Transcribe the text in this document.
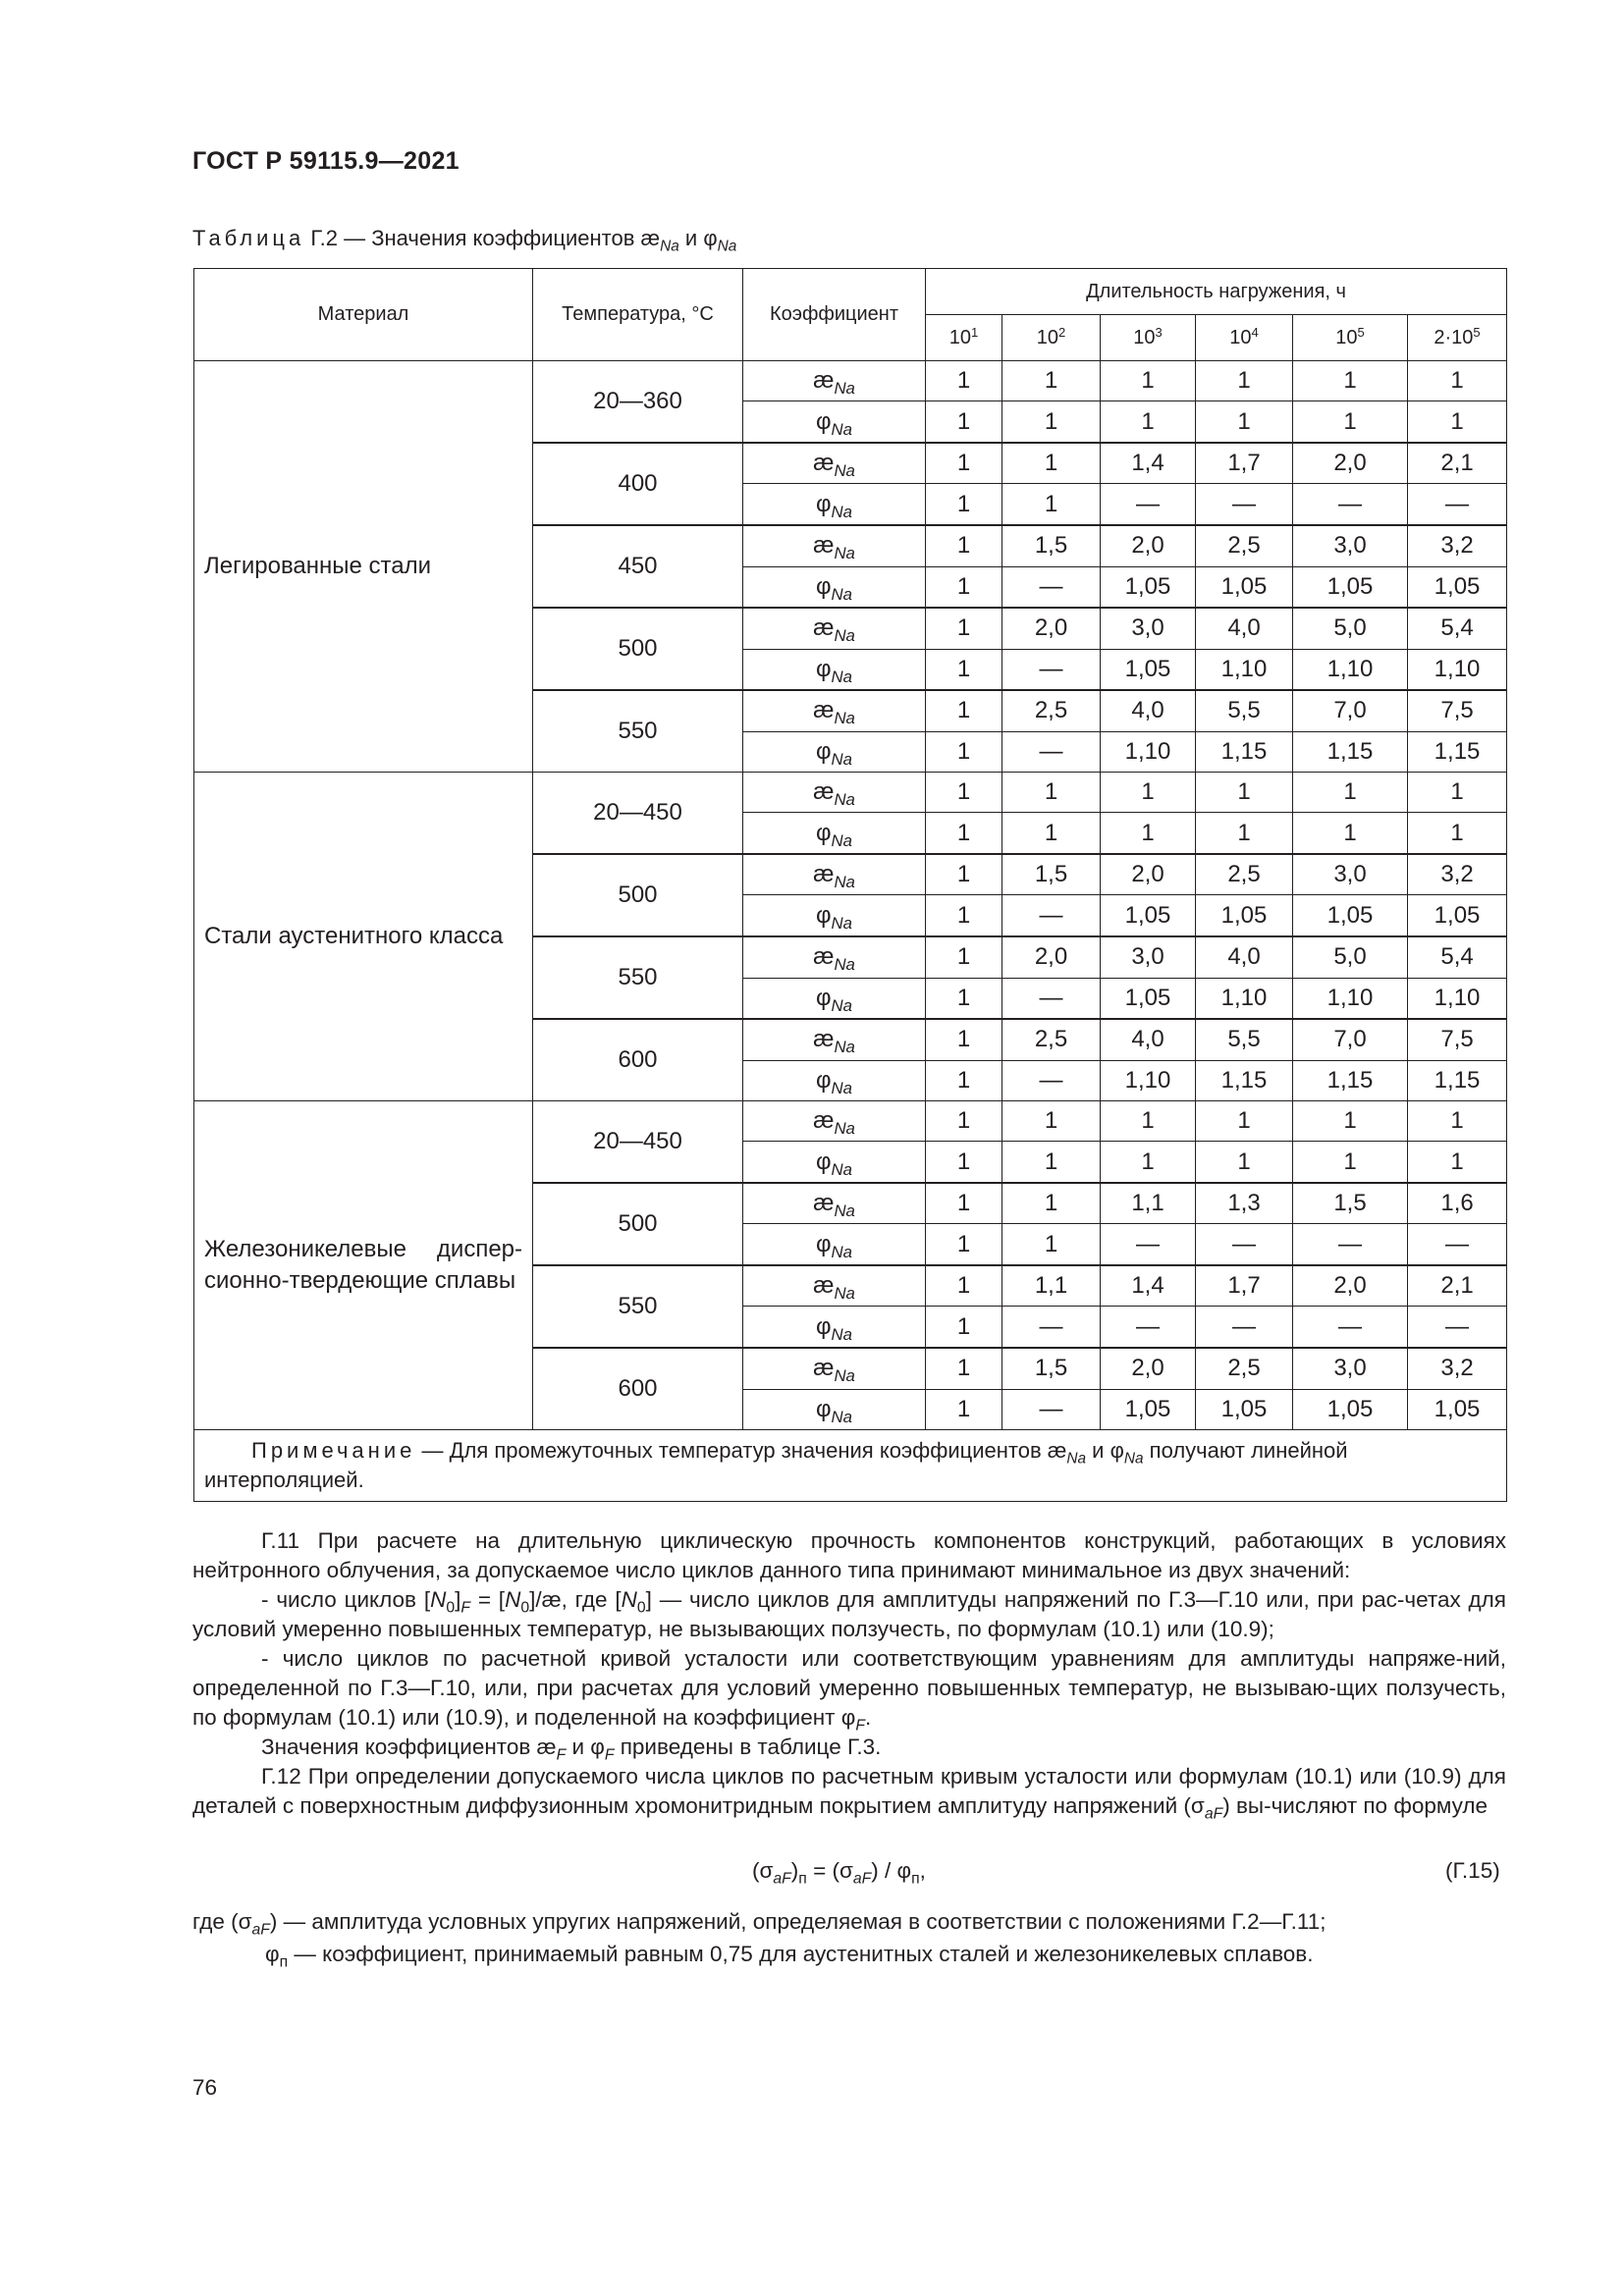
ГОСТ Р 59115.9—2021
Таблица Г.2 — Значения коэффициентов $æ_{Na}$ и $\varphi_{Na}$
Материал	Температура, °С	Коэффициент	Длительность нагружения, ч					
			$10^1$	$10^2$	$10^3$	$10^4$	$10^5$	$2\cdot 10^5$
Легированные стали	20—360	$æ_{Na}$	1	1	1	1	1	1
		$\varphi_{Na}$	1	1	1	1	1	1
	400	$æ_{Na}$	1	1	1,4	1,7	2,0	2,1
		$\varphi_{Na}$	1	1	—	—	—	—
	450	$æ_{Na}$	1	1,5	2,0	2,5	3,0	3,2
		$\varphi_{Na}$	1	—	1,05	1,05	1,05	1,05
	500	$æ_{Na}$	1	2,0	3,0	4,0	5,0	5,4
		$\varphi_{Na}$	1	—	1,05	1,10	1,10	1,10
	550	$æ_{Na}$	1	2,5	4,0	5,5	7,0	7,5
		$\varphi_{Na}$	1	—	1,10	1,15	1,15	1,15
Стали аустенитного класса	20—450	$æ_{Na}$	1	1	1	1	1	1
		$\varphi_{Na}$	1	1	1	1	1	1
	500	$æ_{Na}$	1	1,5	2,0	2,5	3,0	3,2
		$\varphi_{Na}$	1	—	1,05	1,05	1,05	1,05
	550	$æ_{Na}$	1	2,0	3,0	4,0	5,0	5,4
		$\varphi_{Na}$	1	—	1,05	1,10	1,10	1,10
	600	$æ_{Na}$	1	2,5	4,0	5,5	7,0	7,5
		$\varphi_{Na}$	1	—	1,10	1,15	1,15	1,15
Железоникелевые диспер-сионно-твердеющие сплавы	20—450	$æ_{Na}$	1	1	1	1	1	1
		$\varphi_{Na}$	1	1	1	1	1	1
	500	$æ_{Na}$	1	1	1,1	1,3	1,5	1,6
		$\varphi_{Na}$	1	1	—	—	—	—
	550	$æ_{Na}$	1	1,1	1,4	1,7	2,0	2,1
		$\varphi_{Na}$	1	—	—	—	—	—
	600	$æ_{Na}$	1	1,5	2,0	2,5	3,0	3,2
		$\varphi_{Na}$	1	—	1,05	1,05	1,05	1,05
Примечание — Для промежуточных температур значения коэффициентов $æ_{Na}$ и $\varphi_{Na}$ получают линейной интерполяцией.								

Г.11 При расчете на длительную циклическую прочность компонентов конструкций, работающих в условиях нейтронного облучения, за допускаемое число циклов данного типа принимают минимальное из двух значений:

- число циклов $[N_0]_F$ = $[N_0]/æ$, где $[N_0]$ — число циклов для амплитуды напряжений по Г.3—Г.10 или, при рас-четах для условий умеренно повышенных температур, не вызывающих ползучесть, по формулам (10.1) или (10.9);

- число циклов по расчетной кривой усталости или соответствующим уравнениям для амплитуды напряже-ний, определенной по Г.3—Г.10, или, при расчетах для условий умеренно повышенных температур, не вызываю-щих ползучесть, по формулам (10.1) или (10.9), и поделенной на коэффициент $\varphi_F$.

Значения коэффициентов $æ_F$ и $\varphi_F$ приведены в таблице Г.3.

Г.12 При определении допускаемого числа циклов по расчетным кривым усталости или формулам (10.1) или (10.9) для деталей с поверхностным диффузионным хромонитридным покрытием амплитуду напряжений $(\sigma_{aF})$ вы-числяют по формуле

$(\sigma_{aF})_п = (\sigma_{aF}) / \varphi_п$,	(Г.15)
где $(\sigma_{aF})$ — амплитуда условных упругих напряжений, определяемая в соответствии с положениями Г.2—Г.11;
$\varphi_п$ — коэффициент, принимаемый равным 0,75 для аустенитных сталей и железоникелевых сплавов.
76
